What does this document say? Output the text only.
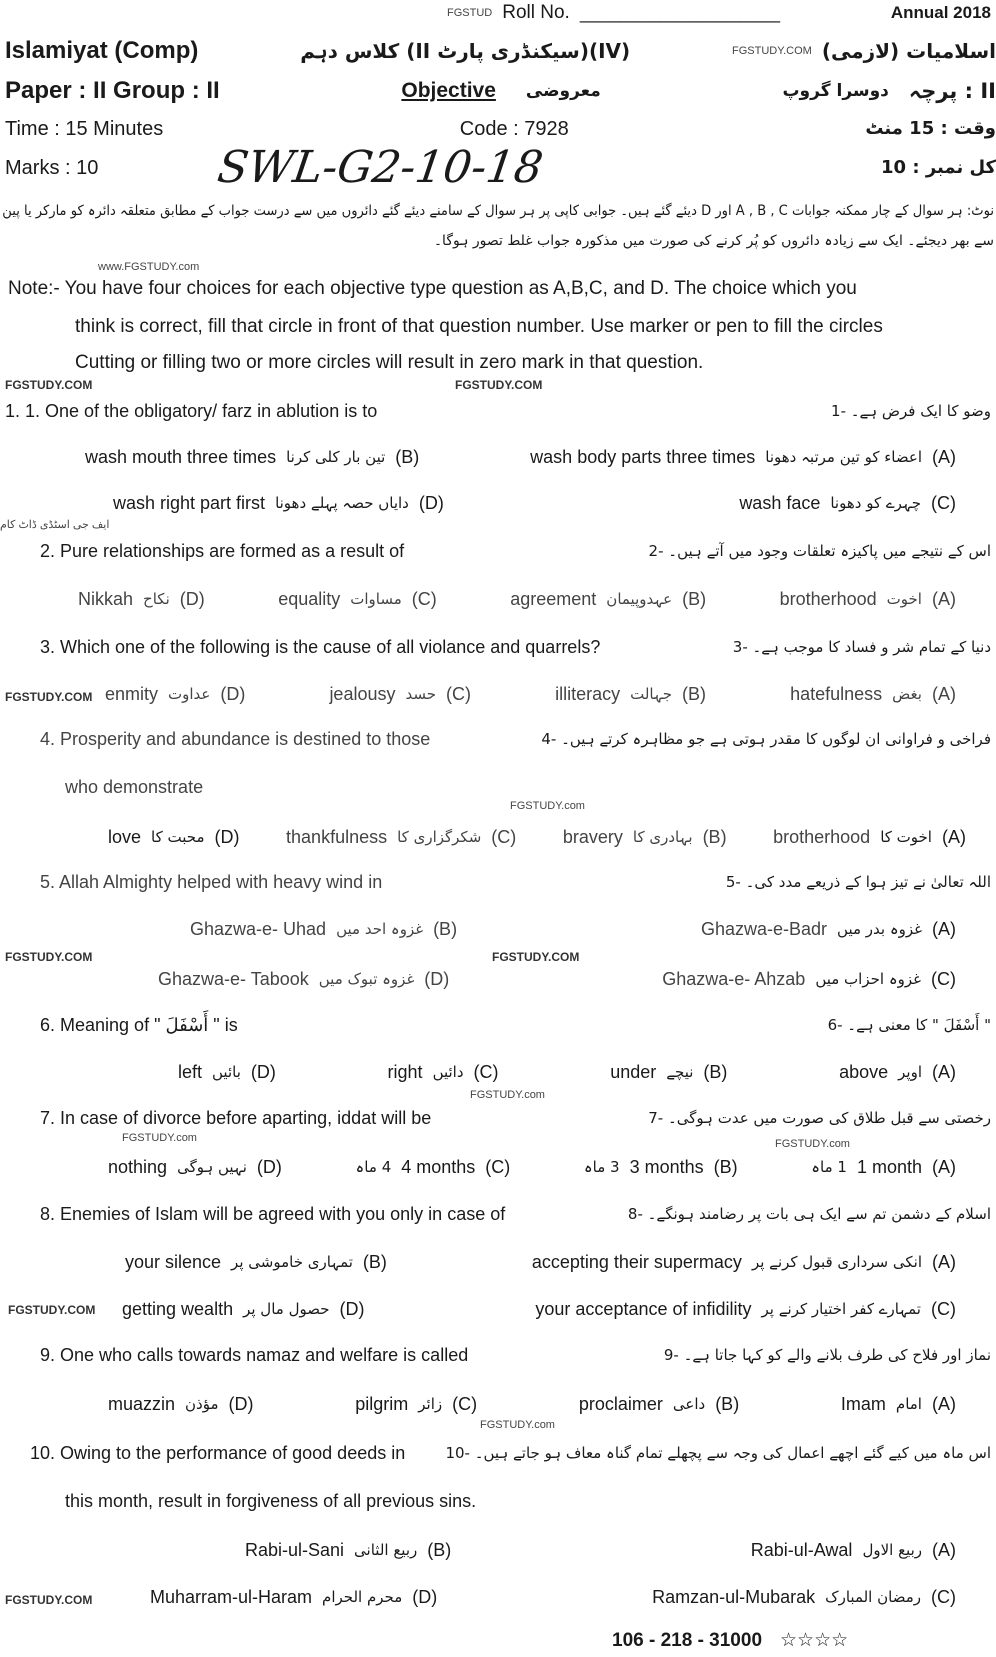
FGSTUD Roll No. ____________________	Annual 2018
Islamiyat (Comp)	(IV)(سیکنڈری پارٹ II) کلاس دہم	FGSTUDY.COM اسلامیات (لازمی)
Paper : II Group : II	Objective معروضی	دوسرا گروپ II : پرچہ
Time : 15 Minutes	Code : 7928	وقت : 15 منٹ
Marks : 10	SWL-G2-10-18	کل نمبر : 10
نوٹ: ہر سوال کے چار ممکنہ جوابات A , B , C اور D دیئے گئے ہیں۔ جوابی کاپی پر ہر سوال کے سامنے دیئے گئے دائروں میں سے درست جواب کے مطابق متعلقہ دائرہ کو مارکر یا پین
سے بھر دیجئے۔ ایک سے زیادہ دائروں کو پُر کرنے کی صورت میں مذکورہ جواب غلط تصور ہوگا۔
www.FGSTUDY.com
Note:- You have four choices for each objective type question as A,B,C, and D. The choice which you
think is correct, fill that circle in front of that question number. Use marker or pen to fill the circles
Cutting or filling two or more circles will result in zero mark in that question.
FGSTUDY.COM	FGSTUDY.COM
1. 1. One of the obligatory/ farz in ablution is to	وضو کا ایک فرض ہے۔ -1
wash mouth three times تین بار کلی کرنا (B)	wash body parts three times اعضاء کو تین مرتبہ دھونا (A)
wash right part first دایاں حصہ پہلے دھونا (D)	wash face چہرے کو دھونا (C)
ایف جی اسٹڈی ڈاٹ کام
2. Pure relationships are formed as a result of	اس کے نتیجے میں پاکیزہ تعلقات وجود میں آتے ہیں۔ -2
Nikkah نکاح (D)	equality مساوات (C)	agreement عہدوپیمان (B)	brotherhood اخوت (A)
3. Which one of the following is the cause of all violance and quarrels?	دنیا کے تمام شر و فساد کا موجب ہے۔ -3
FGSTUDY.COM enmity عداوت (D)	jealousy حسد (C)	illiteracy جہالت (B)	hatefulness بغض (A)
4. Prosperity and abundance is destined to those	فراخی و فراوانی ان لوگوں کا مقدر ہوتی ہے جو مظاہرہ کرتے ہیں۔ -4
who demonstrate
FGSTUDY.com
love محبت کا (D)	thankfulness شکرگزاری کا (C)	bravery بہادری کا (B)	brotherhood اخوت کا (A)
5. Allah Almighty helped with heavy wind in	اللہ تعالیٰ نے تیز ہوا کے ذریعے مدد کی۔ -5
Ghazwa-e- Uhad غزوہ احد میں (B)	Ghazwa-e-Badr غزوہ بدر میں (A)
FGSTUDY.COM	FGSTUDY.COM
Ghazwa-e- Tabook غزوہ تبوک میں (D)	Ghazwa-e- Ahzab غزوہ احزاب میں (C)
6. Meaning of " أَسْفَلَ " is	" أَسْفَلَ " کا معنی ہے۔ -6
left بائیں (D)	right دائیں (C)	under نیچے (B)	above اوپر (A)
FGSTUDY.com
7. In case of divorce before aparting, iddat will be	رخصتی سے قبل طلاق کی صورت میں عدت ہوگی۔ -7
FGSTUDY.com	FGSTUDY.com
nothing نہیں ہوگی (D)	4 ماہ 4 months (C)	3 ماہ 3 months (B)	1 ماہ 1 month (A)
8. Enemies of Islam will be agreed with you only in case of	اسلام کے دشمن تم سے ایک ہی بات پر رضامند ہونگے۔ -8
your silence تمہاری خاموشی پر (B)	accepting their supermacy انکی سرداری قبول کرنے پر (A)
FGSTUDY.COM getting wealth حصول مال پر (D)	your acceptance of infidility تمہارے کفر اختیار کرنے پر (C)
9. One who calls towards namaz and welfare is called	نماز اور فلاح کی طرف بلانے والے کو کہا جاتا ہے۔ -9
muazzin مؤذن (D)	pilgrim زائر (C)	proclaimer داعی (B)	Imam امام (A)
FGSTUDY.com
10. Owing to the performance of good deeds in	اس ماہ میں کیے گئے اچھے اعمال کی وجہ سے پچھلے تمام گناہ معاف ہو جاتے ہیں۔ -10
this month, result in forgiveness of all previous sins.
Rabi-ul-Sani ربیع الثانی (B)	Rabi-ul-Awal ربیع الاول (A)
FGSTUDY.COM	Muharram-ul-Haram محرم الحرام (D)	Ramzan-ul-Mubarak رمضان المبارک (C)
106 - 218 - 31000 ☆☆☆☆
